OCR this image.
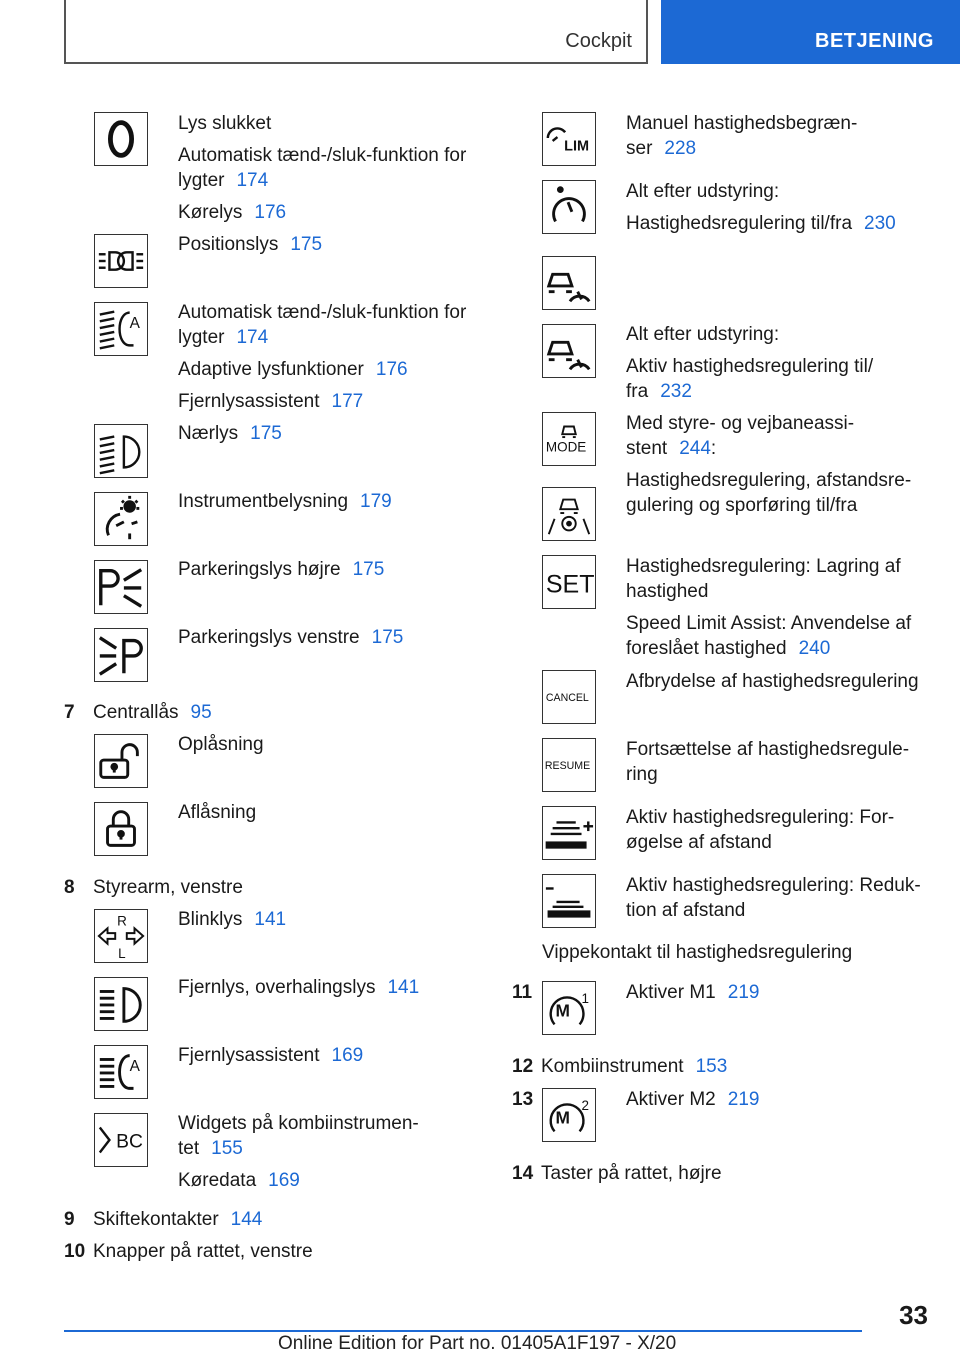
Cockpit	BETJENING
Lys slukket
Automatisk tænd-/sluk-funktion for
lygter 174
Kørelys 176
Positionslys 175
A
Automatisk tænd-/sluk-funktion for
lygter 174
Adaptive lysfunktioner 176
Fjernlysassistent 177
Nærlys 175
Instrumentbelysning 179
Parkeringslys højre 175
Parkeringslys venstre 175
7 Centrallås 95
Oplåsning
Aflåsning
8 Styrearm, venstre
R
L
Blinklys 141
Fjernlys, overhalingslys 141
A
Fjernlysassistent 169
BC
Widgets på kombiinstrumen-
tet 155
Køredata 169
9 Skiftekontakter 144
10 Knapper på rattet, venstre
LIM
Manuel hastighedsbegræn-
ser 228
Alt efter udstyring:
Hastighedsregulering til/fra 230
Alt efter udstyring:
Aktiv hastighedsregulering til/
fra 232
MODE
Med styre- og vejbaneassi-
stent 244:
Hastighedsregulering, afstandsre-
gulering og sporføring til/fra
SET
Hastighedsregulering: Lagring af
hastighed
Speed Limit Assist: Anvendelse af
foreslået hastighed 240
CANCEL
Afbrydelse af hastighedsregulering
RESUME
Fortsættelse af hastighedsregule-
ring
Aktiv hastighedsregulering: For-
øgelse af afstand
Aktiv hastighedsregulering: Reduk-
tion af afstand
Vippekontakt til hastighedsregulering
11
M
1 Aktiver M1 219
12 Kombiinstrument 153
13
M
2 Aktiver M2 219
14 Taster på rattet, højre
33
Online Edition for Part no. 01405A1F197 - X/20
